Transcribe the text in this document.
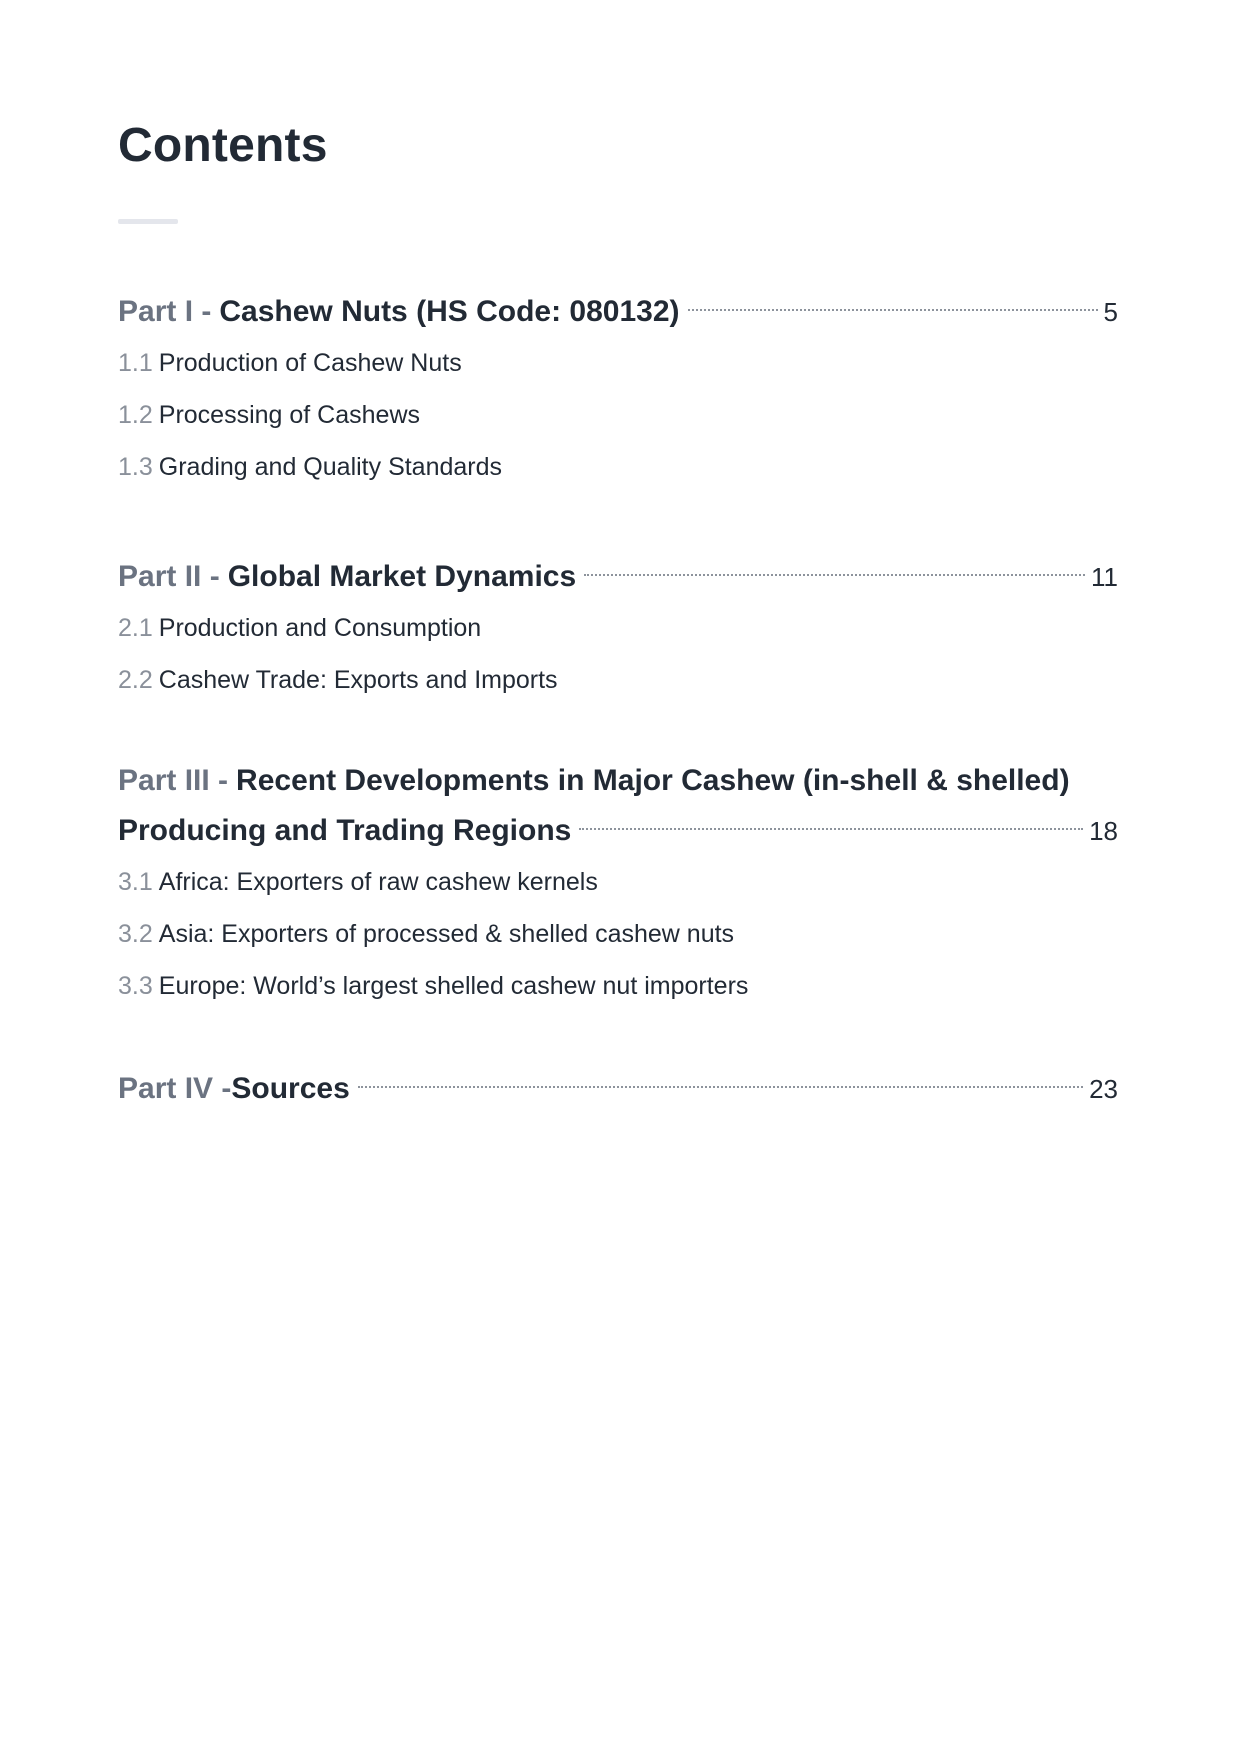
Contents
Part I - Cashew Nuts (HS Code: 080132)	5
1.1 Production of Cashew Nuts
1.2 Processing of Cashews
1.3 Grading and Quality Standards
Part II - Global Market Dynamics	11
2.1 Production and Consumption
2.2 Cashew Trade: Exports and Imports
Part III - Recent Developments in Major Cashew (in-shell & shelled)
Producing and Trading Regions	18
3.1 Africa: Exporters of raw cashew kernels
3.2 Asia: Exporters of processed & shelled cashew nuts
3.3 Europe: World’s largest shelled cashew nut importers
Part IV - Sources	23
